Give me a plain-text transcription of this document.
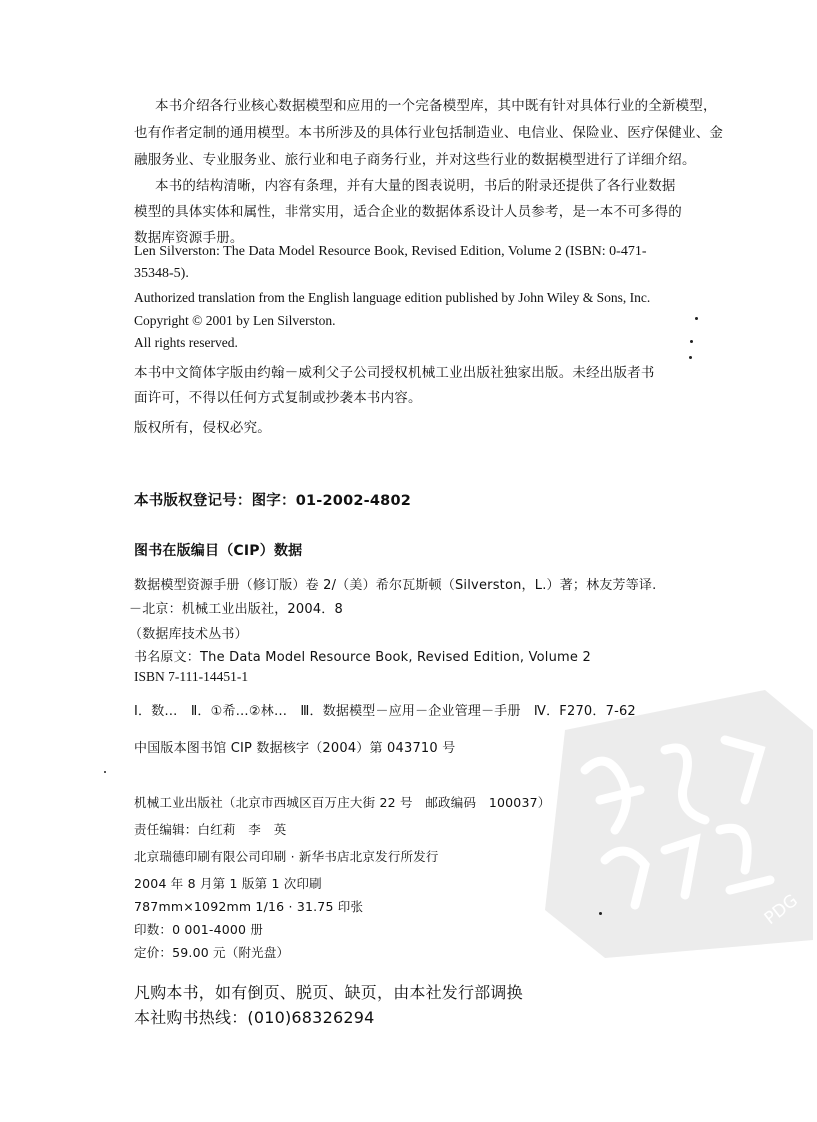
本书介绍各行业核心数据模型和应用的一个完备模型库，其中既有针对具体行业的全新模型，

也有作者定制的通用模型。本书所涉及的具体行业包括制造业、电信业、保险业、医疗保健业、金

融服务业、专业服务业、旅行业和电子商务行业，并对这些行业的数据模型进行了详细介绍。

本书的结构清晰，内容有条理，并有大量的图表说明，书后的附录还提供了各行业数据

模型的具体实体和属性，非常实用，适合企业的数据体系设计人员参考，是一本不可多得的

数据库资源手册。

Len Silverston: The Data Model Resource Book, Revised Edition, Volume 2 (ISBN: 0-471-

35348-5).

Authorized translation from the English language edition published by John Wiley & Sons, Inc.

Copyright © 2001 by Len Silverston.

All rights reserved.

本书中文简体字版由约翰－威利父子公司授权机械工业出版社独家出版。未经出版者书

面许可，不得以任何方式复制或抄袭本书内容。

版权所有，侵权必究。

本书版权登记号：图字：01-2002-4802

图书在版编目（CIP）数据

数据模型资源手册（修订版）卷 2/（美）希尔瓦斯顿（Silverston，L.）著；林友芳等译.

－北京：机械工业出版社，2004．8

（数据库技术丛书）

书名原文：The Data Model Resource Book, Revised Edition, Volume 2

ISBN 7-111-14451-1

Ⅰ．数…　Ⅱ．①希…②林…　Ⅲ．数据模型－应用－企业管理－手册　Ⅳ．F270．7-62

中国版本图书馆 CIP 数据核字（2004）第 043710 号

机械工业出版社（北京市西城区百万庄大街 22 号　邮政编码　100037）

责任编辑：白红莉　李　英

北京瑞德印刷有限公司印刷 · 新华书店北京发行所发行

2004 年 8 月第 1 版第 1 次印刷

787mm×1092mm 1/16 · 31.75 印张

印数：0 001-4000 册

定价：59.00 元（附光盘）

凡购本书，如有倒页、脱页、缺页，由本社发行部调换

本社购书热线：(010)68326294

PDG
